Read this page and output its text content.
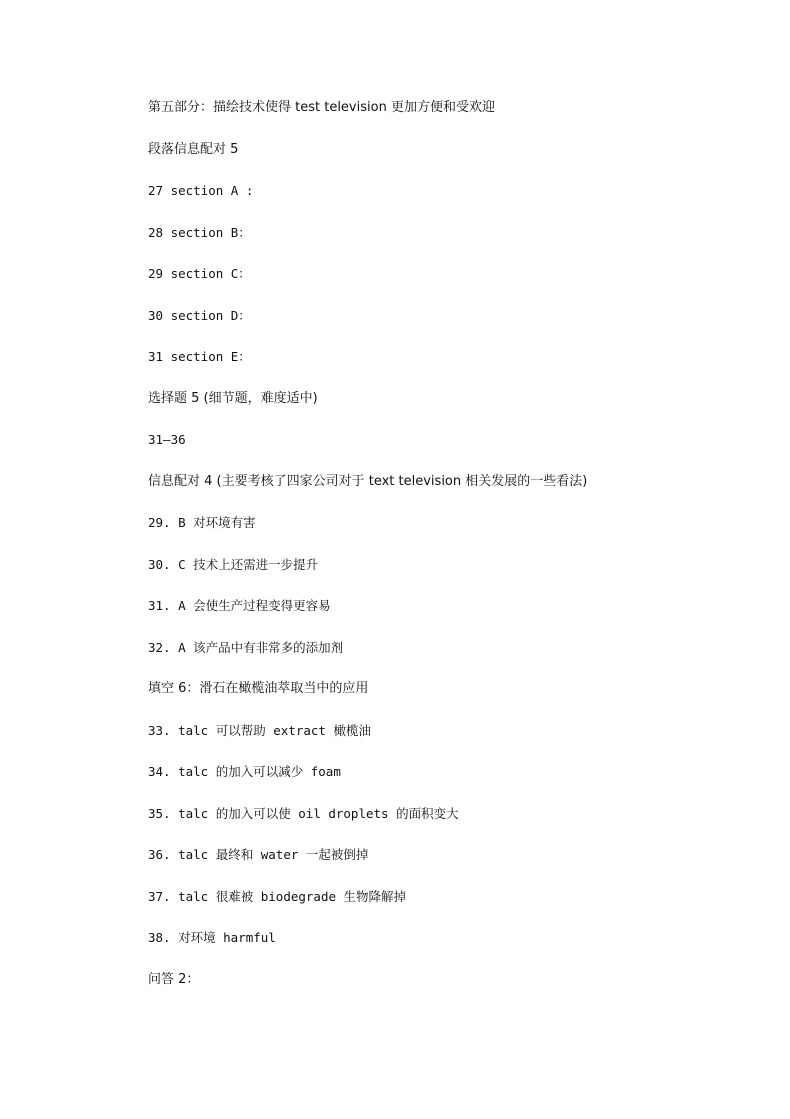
第五部分：描绘技术使得 test television 更加方便和受欢迎
段落信息配对 5
27 section A :
28 section B：
29 section C：
30 section D：
31 section E：
选择题 5 (细节题，难度适中)
31—36
信息配对 4 (主要考核了四家公司对于 text television 相关发展的一些看法)
29. B 对环境有害
30. C 技术上还需进一步提升
31. A 会使生产过程变得更容易
32. A 该产品中有非常多的添加剂
填空 6：滑石在橄榄油萃取当中的应用
33. talc 可以帮助 extract 橄榄油
34. talc 的加入可以减少 foam
35. talc 的加入可以使 oil droplets 的面积变大
36. talc 最终和 water 一起被倒掉
37. talc 很难被 biodegrade 生物降解掉
38. 对环境 harmful
问答 2：
